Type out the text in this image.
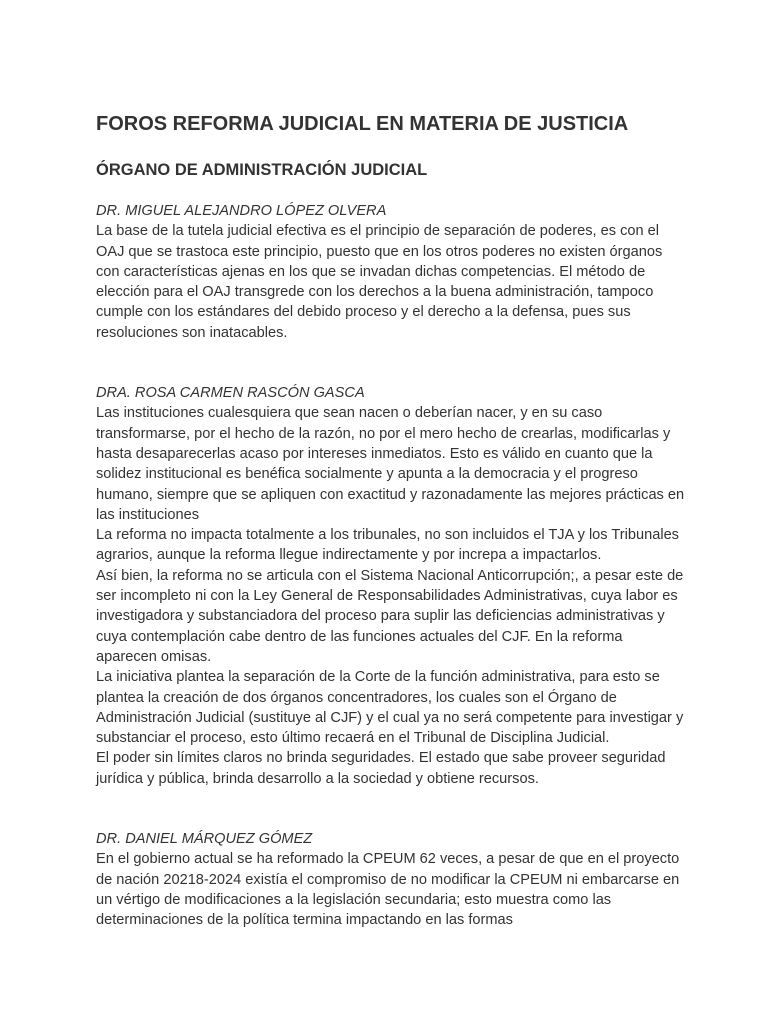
FOROS REFORMA JUDICIAL EN MATERIA DE JUSTICIA
ÓRGANO DE ADMINISTRACIÓN JUDICIAL
DR. MIGUEL ALEJANDRO LÓPEZ OLVERA

La base de la tutela judicial efectiva es el principio de separación de poderes, es con el OAJ que se trastoca este principio, puesto que en los otros poderes no existen órganos con características ajenas en los que se invadan dichas competencias. El método de elección para el OAJ transgrede con los derechos a la buena administración, tampoco cumple con los estándares del debido proceso y el derecho a la defensa, pues sus resoluciones son inatacables.

DRA. ROSA CARMEN RASCÓN GASCA

Las instituciones cualesquiera que sean nacen o deberían nacer, y en su caso transformarse, por el hecho de la razón, no por el mero hecho de crearlas, modificarlas y hasta desaparecerlas acaso por intereses inmediatos. Esto es válido en cuanto que la solidez institucional es benéfica socialmente y apunta a la democracia y el progreso humano, siempre que se apliquen con exactitud y razonadamente las mejores prácticas en las instituciones

La reforma no impacta totalmente a los tribunales, no son incluidos el TJA y los Tribunales agrarios, aunque la reforma llegue indirectamente y por increpa a impactarlos.

Así bien, la reforma no se articula con el Sistema Nacional Anticorrupción;, a pesar este de ser incompleto ni con la Ley General de Responsabilidades Administrativas, cuya labor es investigadora y substanciadora del proceso para suplir las deficiencias administrativas y cuya contemplación cabe dentro de las funciones actuales del CJF. En la reforma aparecen omisas.

La iniciativa plantea la separación de la Corte de la función administrativa, para esto se plantea la creación de dos órganos concentradores, los cuales son el Órgano de Administración Judicial (sustituye al CJF) y el cual ya no será competente para investigar y substanciar el proceso, esto último recaerá en el Tribunal de Disciplina Judicial.

El poder sin límites claros no brinda seguridades. El estado que sabe proveer seguridad jurídica y pública, brinda desarrollo a la sociedad y obtiene recursos.

DR. DANIEL MÁRQUEZ GÓMEZ

En el gobierno actual se ha reformado la CPEUM 62 veces, a pesar de que en el proyecto de nación 20218-2024 existía el compromiso de no modificar la CPEUM ni embarcarse en un vértigo de modificaciones a la legislación secundaria; esto muestra como las determinaciones de la política termina impactando en las formas
